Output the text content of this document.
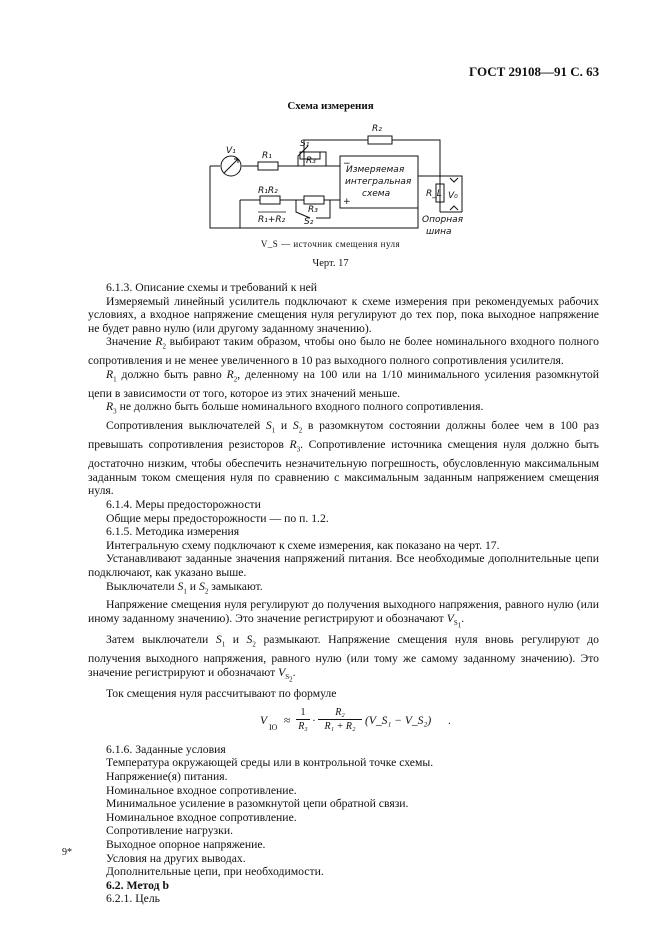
ГОСТ 29108—91 С. 63
Схема измерения
V₁	R₁
R₂
S₁
R₃
Измеряемая
интегральная
схема
−
+
R_L V₀
R₁R₂
R₁+R₂
R₃
S₂	Опорная
шина
V_S — источник смещения нуля
Черт. 17

6.1.3. Описание схемы и требований к ней

Измеряемый линейный усилитель подключают к схеме измерения при рекомендуемых рабочих условиях, а входное напряжение смещения нуля регулируют до тех пор, пока выходное напряжение не будет равно нулю (или другому заданному значению).

Значение $R_2$ выбирают таким образом, чтобы оно было не более номинального входного полного сопротивления и не менее увеличенного в 10 раз выходного полного сопротивления усилителя.

$R_1$ должно быть равно $R_2$, деленному на 100 или на 1/10 минимального усиления разомкнутой цепи в зависимости от того, которое из этих значений меньше.

$R_3$ не должно быть больше номинального входного полного сопротивления.

Сопротивления выключателей $S_1$ и $S_2$ в разомкнутом состоянии должны более чем в 100 раз превышать сопротивления резисторов $R_3$. Сопротивление источника смещения нуля должно быть достаточно низким, чтобы обеспечить незначительную погрешность, обусловленную максимальным заданным током смещения нуля по сравнению с максимальным заданным напряжением смещения нуля.

6.1.4. Меры предосторожности

Общие меры предосторожности — по п. 1.2.

6.1.5. Методика измерения

Интегральную схему подключают к схеме измерения, как показано на черт. 17.

Устанавливают заданные значения напряжений питания. Все необходимые дополнительные цепи подключают, как указано выше.

Выключатели $S_1$ и $S_2$ замыкают.

Напряжение смещения нуля регулируют до получения выходного напряжения, равного нулю (или иному заданному значению). Это значение регистрируют и обозначают $V_{S_1}$.

Затем выключатели $S_1$ и $S_2$ размыкают. Напряжение смещения нуля вновь регулируют до получения выходного напряжения, равного нулю (или тому же самому заданному значению). Это значение регистрируют и обозначают $V_{S_2}$.

Ток смещения нуля рассчитывают по формуле

V
IO
≈ $\frac{1}{\text{R₃}} \cdot \frac{\text{R₂}}{\text{R₁ + R₂}}$ (V_S₁ − V_S₂) .

6.1.6. Заданные условия

Температура окружающей среды или в контрольной точке схемы.

Напряжение(я) питания.

Номинальное входное сопротивление.

Минимальное усиление в разомкнутой цепи обратной связи.

Номинальное входное сопротивление.

Сопротивление нагрузки.

Выходное опорное напряжение.

Условия на других выводах.

Дополнительные цепи, при необходимости.

6.2. Метод b

6.2.1. Цель

9*
